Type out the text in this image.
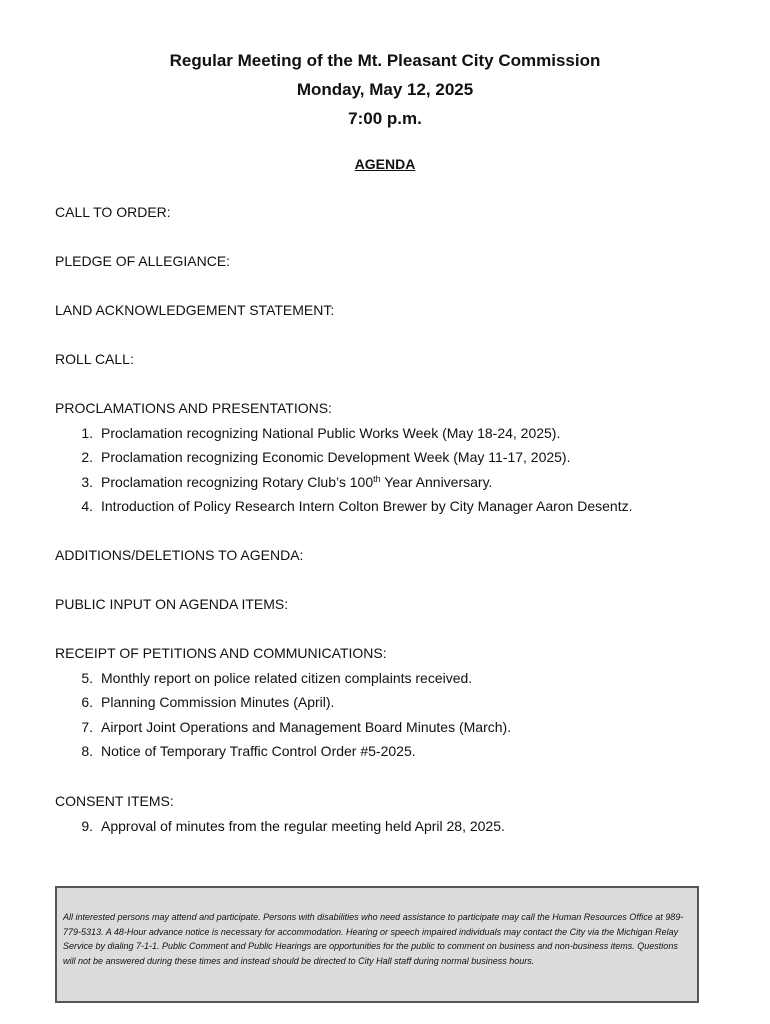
Regular Meeting of the Mt. Pleasant City Commission
Monday, May 12, 2025
7:00 p.m.
AGENDA
CALL TO ORDER:
PLEDGE OF ALLEGIANCE:
LAND ACKNOWLEDGEMENT STATEMENT:
ROLL CALL:
PROCLAMATIONS AND PRESENTATIONS:
1. Proclamation recognizing National Public Works Week (May 18-24, 2025).
2. Proclamation recognizing Economic Development Week (May 11-17, 2025).
3. Proclamation recognizing Rotary Club’s 100th Year Anniversary.
4. Introduction of Policy Research Intern Colton Brewer by City Manager Aaron Desentz.
ADDITIONS/DELETIONS TO AGENDA:
PUBLIC INPUT ON AGENDA ITEMS:
RECEIPT OF PETITIONS AND COMMUNICATIONS:
5. Monthly report on police related citizen complaints received.
6. Planning Commission Minutes (April).
7. Airport Joint Operations and Management Board Minutes (March).
8. Notice of Temporary Traffic Control Order #5-2025.
CONSENT ITEMS:
9. Approval of minutes from the regular meeting held April 28, 2025.

All interested persons may attend and participate. Persons with disabilities who need assistance to participate may call the Human Resources Office at 989-779-5313. A 48-Hour advance notice is necessary for accommodation. Hearing or speech impaired individuals may contact the City via the Michigan Relay Service by dialing 7-1-1. Public Comment and Public Hearings are opportunities for the public to comment on business and non-business items. Questions will not be answered during these times and instead should be directed to City Hall staff during normal business hours.
